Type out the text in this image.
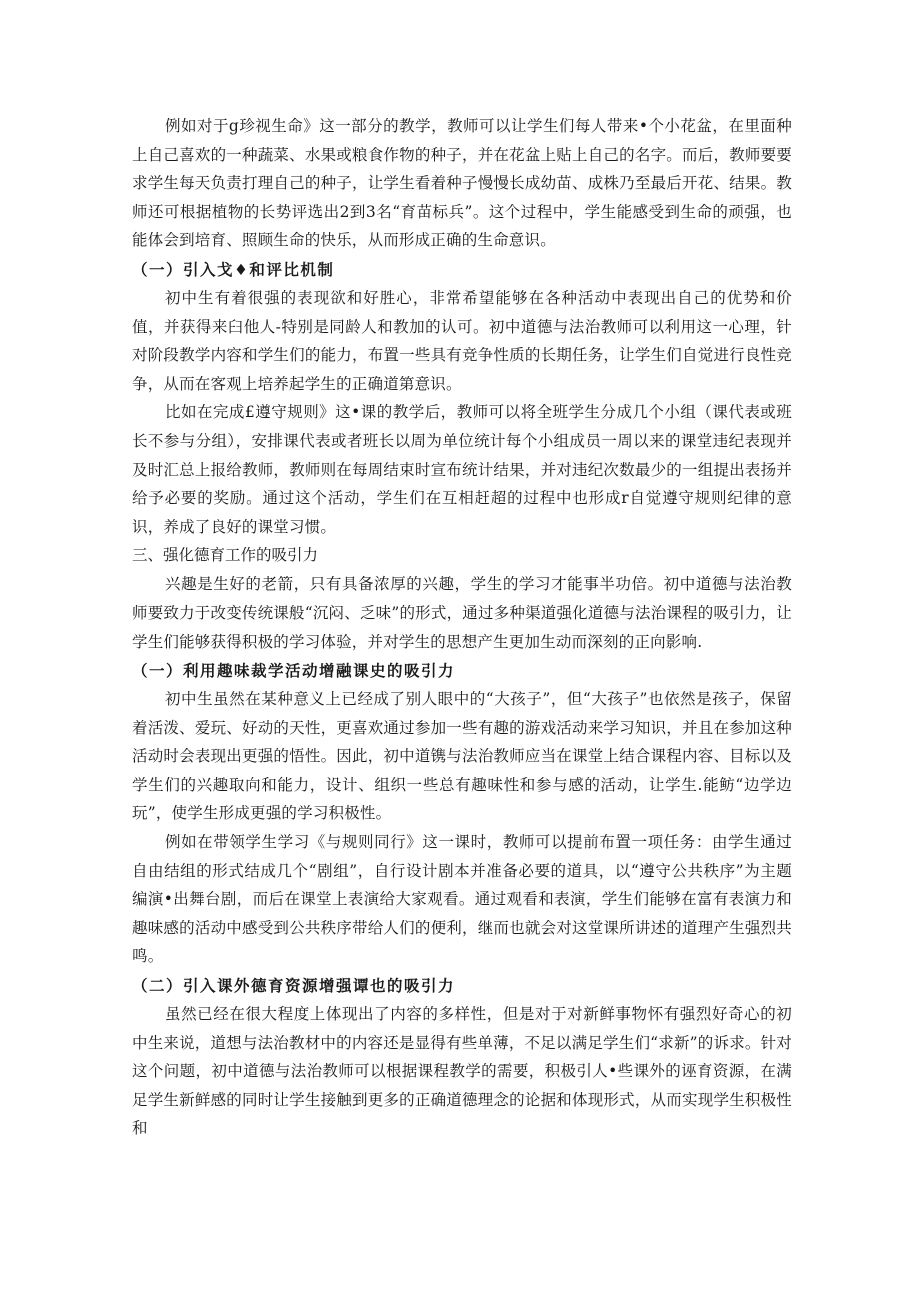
例如对于g珍视生命》这一部分的教学，教师可以让学生们每人带来•个小花盆，在里面种上自己喜欢的一种蔬菜、水果或粮食作物的种子，并在花盆上贴上自己的名字。而后，教师要要求学生每天负责打理自己的种子，让学生看着种子慢慢长成幼苗、成株乃至最后开花、结果。教师还可根据植物的长势评选出2到3名“育苗标兵”。这个过程中，学生能感受到生命的顽强，也能体会到培育、照顾生命的快乐，从而形成正确的生命意识。

（一）引入戈♦和评比机制

初中生有着很强的表现欲和好胜心，非常希望能够在各种活动中表现出自己的优势和价值，并获得来臼他人-特别是同龄人和教加的认可。初中道德与法治教师可以利用这一心理，针对阶段教学内容和学生们的能力，布置一些具有竞争性质的长期任务，让学生们自觉进行良性竞争，从而在客观上培养起学生的正确道第意识。

比如在完成£遵守规则》这•课的教学后，教师可以将全班学生分成几个小组（课代表或班长不参与分组），安排课代表或者班长以周为单位统计每个小组成员一周以来的课堂违纪表现并及时汇总上报给教师，教师则在每周结束时宣布统计结果，并对违纪次数最少的一组提出表扬并给予必要的奖励。通过这个活动，学生们在互相赶超的过程中也形成r自觉遵守规则纪律的意识，养成了良好的课堂习惯。

三、强化德育工作的吸引力

兴趣是生好的老箭，只有具备浓厚的兴趣，学生的学习才能事半功倍。初中道德与法治教师要致力于改变传统课般“沉闷、乏味”的形式，通过多种渠道强化道德与法治课程的吸引力，让学生们能够获得积极的学习体验，并对学生的思想产生更加生动而深刻的正向影响.

（一）利用趣味裁学活动增融课史的吸引力

初中生虽然在某种意义上已经成了别人眼中的“大孩子”，但“大孩子”也依然是孩子，保留着活泼、爱玩、好动的天性，更喜欢通过参加一些有趣的游戏活动来学习知识，并且在参加这种活动时会表现出更强的悟性。因此，初中道镌与法治教师应当在课堂上结合课程内容、目标以及学生们的兴趣取向和能力，设计、组织一些总有趣味性和参与感的活动，让学生.能鲂“边学边玩”，使学生形成更强的学习积极性。

例如在带领学生学习《与规则同行》这一课时，教师可以提前布置一项任务：由学生通过自由结组的形式结成几个“剧组”，自行设计剧本并准备必要的道具，以“遵守公共秩序”为主题编演•出舞台剧，而后在课堂上表演给大家观看。通过观看和表演，学生们能够在富有表演力和趣味感的活动中感受到公共秩序带给人们的便利，继而也就会对这堂课所讲述的道理产生强烈共鸣。

（二）引入课外德育资源增强谭也的吸引力

虽然已经在很大程度上体现出了内容的多样性，但是对于对新鲜事物怀有强烈好奇心的初中生来说，道想与法治教材中的内容还是显得有些单薄，不足以满足学生们“求新”的诉求。针对这个问题，初中道德与法治教师可以根据课程教学的需要，积极引人•些课外的诬育资源，在满足学生新鲜感的同时让学生接触到更多的正确道德理念的论据和体现形式，从而实现学生积极性和
